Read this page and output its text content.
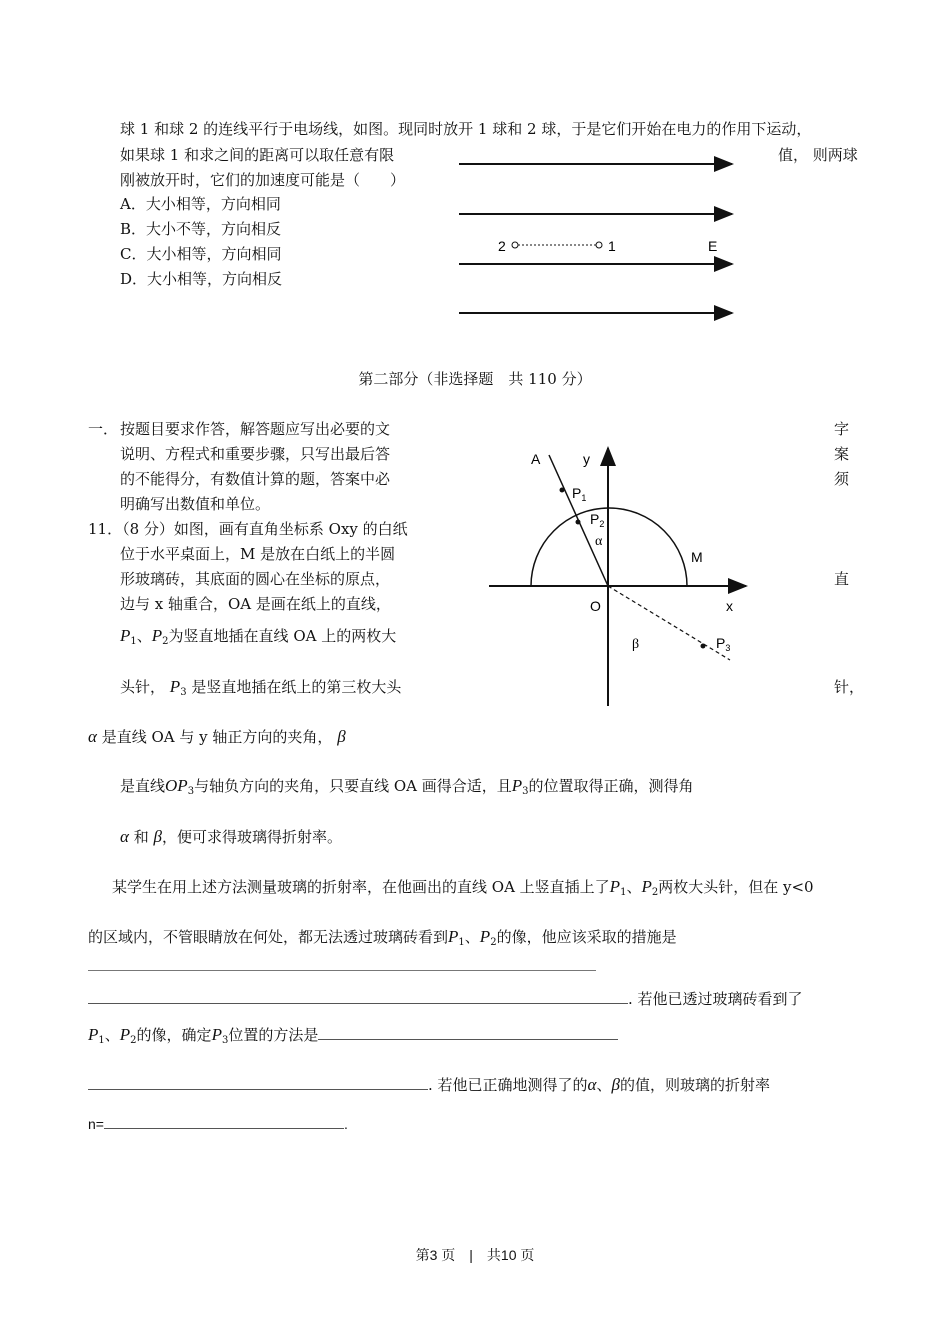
球 1 和球 2 的连线平行于电场线，如图。现同时放开 1 球和 2 球，于是它们开始在电力的作用下运动，
如果球 1 和求之间的距离可以取任意有限	值， 则两球
刚被放开时，它们的加速度可能是（　　）
A．大小相等，方向相同
B．大小不等，方向相反
C．大小相等，方向相同
D．大小相等，方向相反
2	1	E
第二部分（非选择题　共 110 分）
一． 按题目要求作答，解答题应写出必要的文
说明、方程式和重要步骤，只写出最后答
的不能得分，有数值计算的题，答案中必
明确写出数值和单位。
字
案
须
11．（8 分）如图，画有直角坐标系 Oxy 的白纸
位于水平桌面上，M 是放在白纸上的半圆
形玻璃砖，其底面的圆心在坐标的原点，
边与 x 轴重合，OA 是画在纸上的直线，
直
$P_1$、$P_2$为竖直地插在直线 OA 上的两枚大
头针， $P_3$ 是竖直地插在纸上的第三枚大头	针，
α 是直线 OA 与 y 轴正方向的夹角， β
是直线$OP_3$与轴负方向的夹角，只要直线 OA 画得合适，且$P_3$的位置取得正确，测得角
α 和 β，便可求得玻璃得折射率。
某学生在用上述方法测量玻璃的折射率，在他画出的直线 OA 上竖直插上了$P_1$、$P_2$两枚大头针，但在 y<0
的区域内，不管眼睛放在何处，都无法透过玻璃砖看到$P_1$、$P_2$的像，他应该采取的措施是
. 若他已透过玻璃砖看到了
$P_1$、$P_2$的像，确定$P_3$位置的方法是
. 若他已正确地测得了的α、β的值，则玻璃的折射率
n=	.
A	y
$P_1$
$P_2$
α
M
O	x
β	$P_3$
第3 页　|　共10 页
